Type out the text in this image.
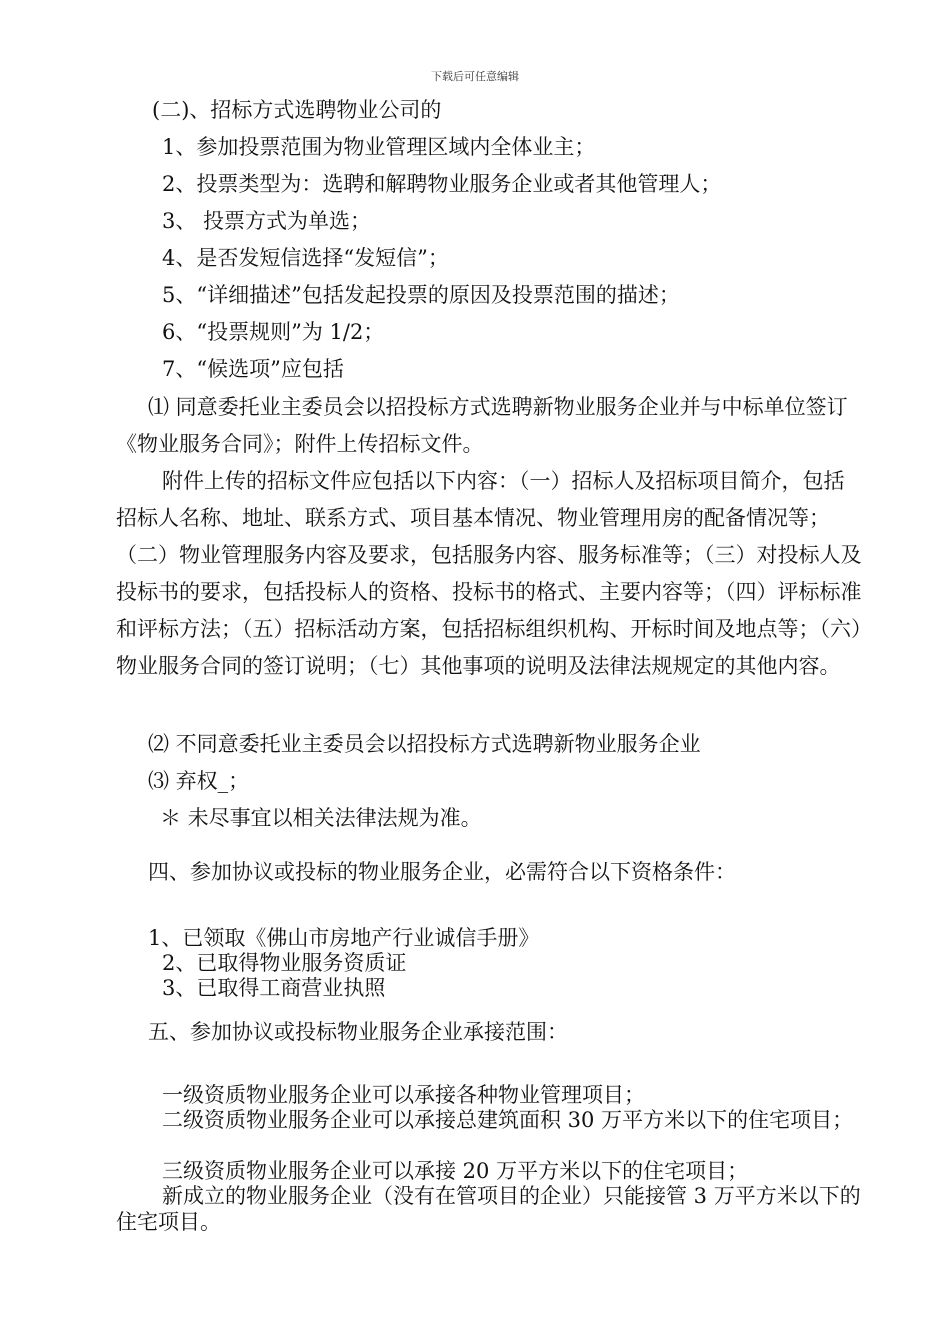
下载后可任意编辑
(二)、招标方式选聘物业公司的
1、参加投票范围为物业管理区域内全体业主；
2、投票类型为：选聘和解聘物业服务企业或者其他管理人；
3、 投票方式为单选；
4、是否发短信选择“发短信”；
5、“详细描述”包括发起投票的原因及投票范围的描述；
6、“投票规则”为 1/2；
7、“候选项”应包括
⑴ 同意委托业主委员会以招投标方式选聘新物业服务企业并与中标单位签订《物业服务合同》；附件上传招标文件。
附件上传的招标文件应包括以下内容：（一）招标人及招标项目简介，包括招标人名称、地址、联系方式、项目基本情况、物业管理用房的配备情况等；（二）物业管理服务内容及要求，包括服务内容、服务标准等；（三）对投标人及投标书的要求，包括投标人的资格、投标书的格式、主要内容等；（四）评标标准和评标方法；（五）招标活动方案，包括招标组织机构、开标时间及地点等；（六）物业服务合同的签订说明；（七）其他事项的说明及法律法规规定的其他内容。
⑵ 不同意委托业主委员会以招投标方式选聘新物业服务企业
⑶ 弃权_；
＊ 未尽事宜以相关法律法规为准。
四、参加协议或投标的物业服务企业，必需符合以下资格条件：
1、已领取《佛山市房地产行业诚信手册》
2、已取得物业服务资质证
3、已取得工商营业执照
五、参加协议或投标物业服务企业承接范围：
一级资质物业服务企业可以承接各种物业管理项目；
二级资质物业服务企业可以承接总建筑面积 30 万平方米以下的住宅项目；
三级资质物业服务企业可以承接 20 万平方米以下的住宅项目；
新成立的物业服务企业（没有在管项目的企业）只能接管 3 万平方米以下的住宅项目。
